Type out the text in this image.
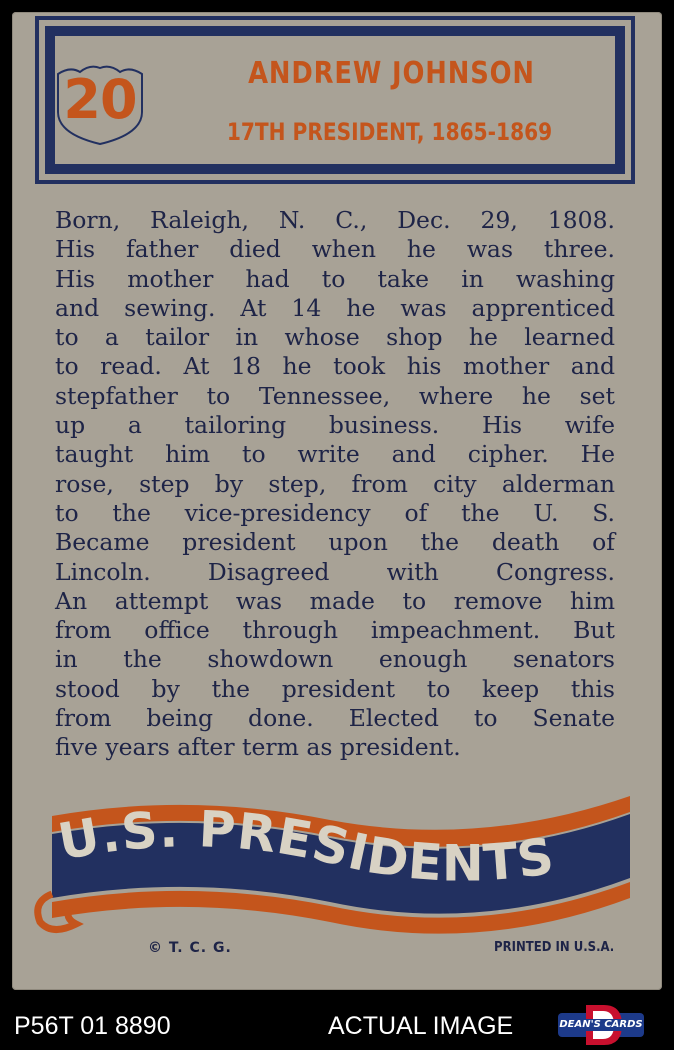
20	ANDREW JOHNSON
17TH PRESIDENT, 1865-1869
Born, Raleigh, N. C., Dec. 29, 1808.
His father died when he was three.
His mother had to take in washing
and sewing. At 14 he was apprenticed
to a tailor in whose shop he learned
to read. At 18 he took his mother and
stepfather to Tennessee, where he set
up a tailoring business. His wife
taught him to write and cipher. He
rose, step by step, from city alderman
to the vice-presidency of the U. S.
Became president upon the death of
Lincoln. Disagreed with Congress.
An attempt was made to remove him
from office through impeachment. But
in the showdown enough senators
stood by the president to keep this
from being done. Elected to Senate
five years after term as president.
U.S. PRESIDENTS
© T. C. G.	PRINTED IN U.S.A.
P56T 01 8890	ACTUAL IMAGE	DEAN'S CARDS
